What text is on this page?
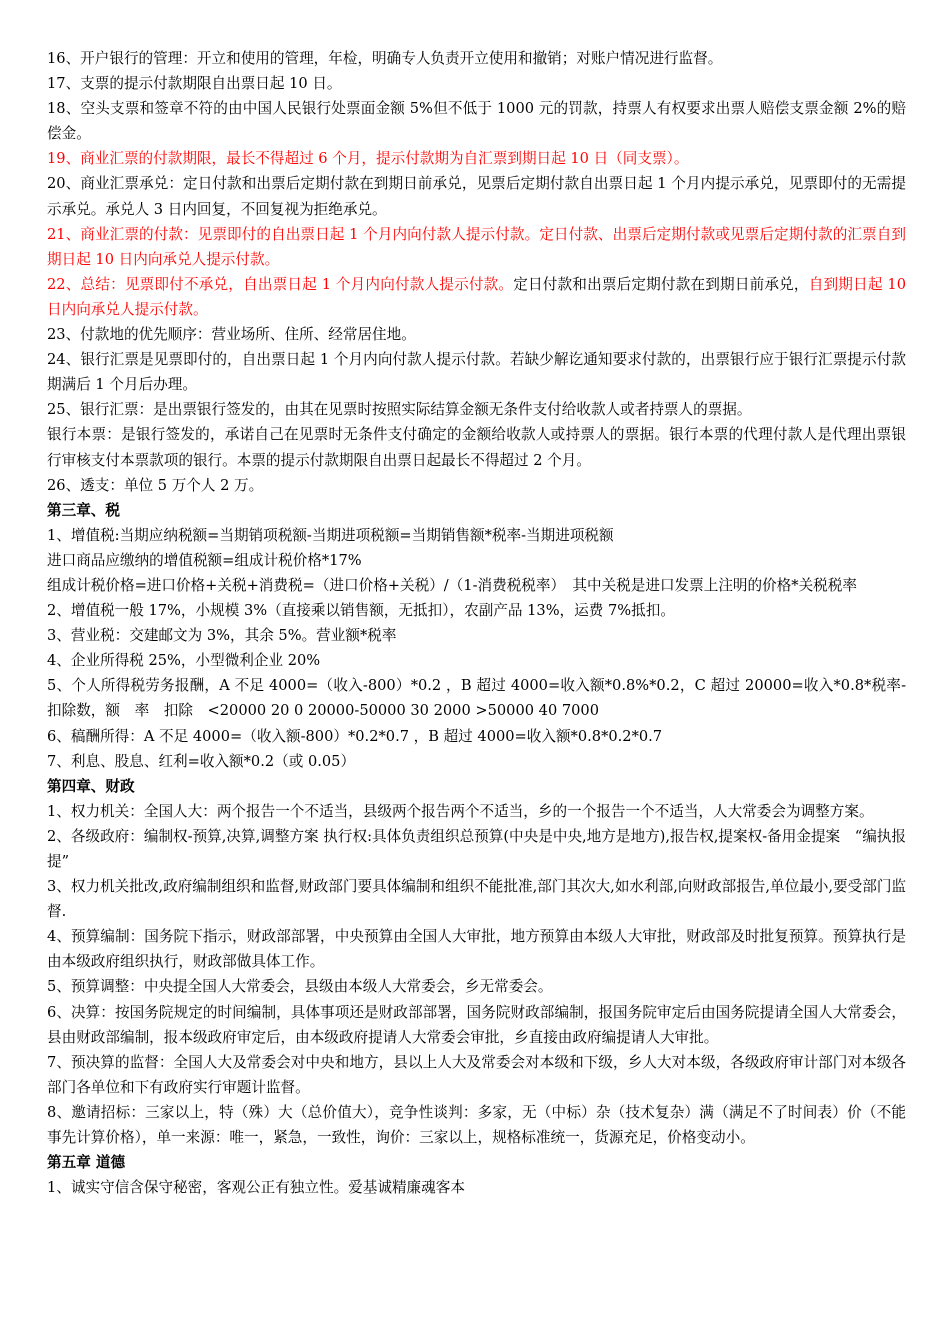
16、开户银行的管理：开立和使用的管理，年检，明确专人负责开立使用和撤销；对账户情况进行监督。

17、支票的提示付款期限自出票日起 10 日。

18、空头支票和签章不符的由中国人民银行处票面金额 5%但不低于 1000 元的罚款，持票人有权要求出票人赔偿支票金额 2%的赔偿金。

19、商业汇票的付款期限，最长不得超过 6 个月，提示付款期为自汇票到期日起 10 日（同支票）。

20、商业汇票承兑：定日付款和出票后定期付款在到期日前承兑，见票后定期付款自出票日起 1 个月内提示承兑，见票即付的无需提示承兑。承兑人 3 日内回复，不回复视为拒绝承兑。

21、商业汇票的付款：见票即付的自出票日起 1 个月内向付款人提示付款。定日付款、出票后定期付款或见票后定期付款的汇票自到期日起 10 日内向承兑人提示付款。

22、总结：见票即付不承兑，自出票日起 1 个月内向付款人提示付款。定日付款和出票后定期付款在到期日前承兑，自到期日起 10 日内向承兑人提示付款。

23、付款地的优先顺序：营业场所、住所、经常居住地。

24、银行汇票是见票即付的，自出票日起 1 个月内向付款人提示付款。若缺少解讫通知要求付款的，出票银行应于银行汇票提示付款期满后 1 个月后办理。

25、银行汇票：是出票银行签发的，由其在见票时按照实际结算金额无条件支付给收款人或者持票人的票据。

银行本票：是银行签发的，承诺自己在见票时无条件支付确定的金额给收款人或持票人的票据。银行本票的代理付款人是代理出票银行审核支付本票款项的银行。本票的提示付款期限自出票日起最长不得超过 2 个月。

26、透支：单位 5 万个人 2 万。

第三章、税

1、增值税:当期应纳税额=当期销项税额-当期进项税额=当期销售额*税率-当期进项税额

进口商品应缴纳的增值税额=组成计税价格*17%

组成计税价格=进口价格+关税+消费税=（进口价格+关税）/（1-消费税税率）　其中关税是进口发票上注明的价格*关税税率

2、增值税一般 17%，小规模 3%（直接乘以销售额，无抵扣），农副产品 13%，运费 7%抵扣。

3、营业税：交建邮文为 3%，其余 5%。营业额*税率

4、企业所得税 25%，小型微利企业 20%

5、个人所得税劳务报酬，A 不足 4000=（收入-800）*0.2 ，B 超过 4000=收入额*0.8%*0.2，C 超过 20000=收入*0.8*税率-扣除数，额　率　扣除　<20000 20 0 20000-50000 30 2000 >50000 40 7000

6、稿酬所得：A 不足 4000=（收入额-800）*0.2*0.7 ，B 超过 4000=收入额*0.8*0.2*0.7

7、利息、股息、红利=收入额*0.2（或 0.05）

第四章、财政

1、权力机关：全国人大：两个报告一个不适当，县级两个报告两个不适当，乡的一个报告一个不适当，人大常委会为调整方案。

2、各级政府：编制权-预算,决算,调整方案 执行权:具体负责组织总预算(中央是中央,地方是地方),报告权,提案权-备用金提案　“编执报提”

3、权力机关批改,政府编制组织和监督,财政部门要具体编制和组织不能批准,部门其次大,如水利部,向财政部报告,单位最小,要受部门监督.

4、预算编制：国务院下指示，财政部部署，中央预算由全国人大审批，地方预算由本级人大审批，财政部及时批复预算。预算执行是由本级政府组织执行，财政部做具体工作。

5、预算调整：中央提全国人大常委会，县级由本级人大常委会，乡无常委会。

6、决算：按国务院规定的时间编制，具体事项还是财政部部署，国务院财政部编制，报国务院审定后由国务院提请全国人大常委会，县由财政部编制，报本级政府审定后，由本级政府提请人大常委会审批，乡直接由政府编提请人大审批。

7、预决算的监督：全国人大及常委会对中央和地方，县以上人大及常委会对本级和下级，乡人大对本级，各级政府审计部门对本级各部门各单位和下有政府实行审题计监督。

8、邀请招标：三家以上，特（殊）大（总价值大），竞争性谈判：多家，无（中标）杂（技术复杂）满（满足不了时间表）价（不能事先计算价格），单一来源：唯一，紧急，一致性，询价：三家以上，规格标准统一，货源充足，价格变动小。

第五章 道德

1、诚实守信含保守秘密，客观公正有独立性。爱基诚精廉魂客本
